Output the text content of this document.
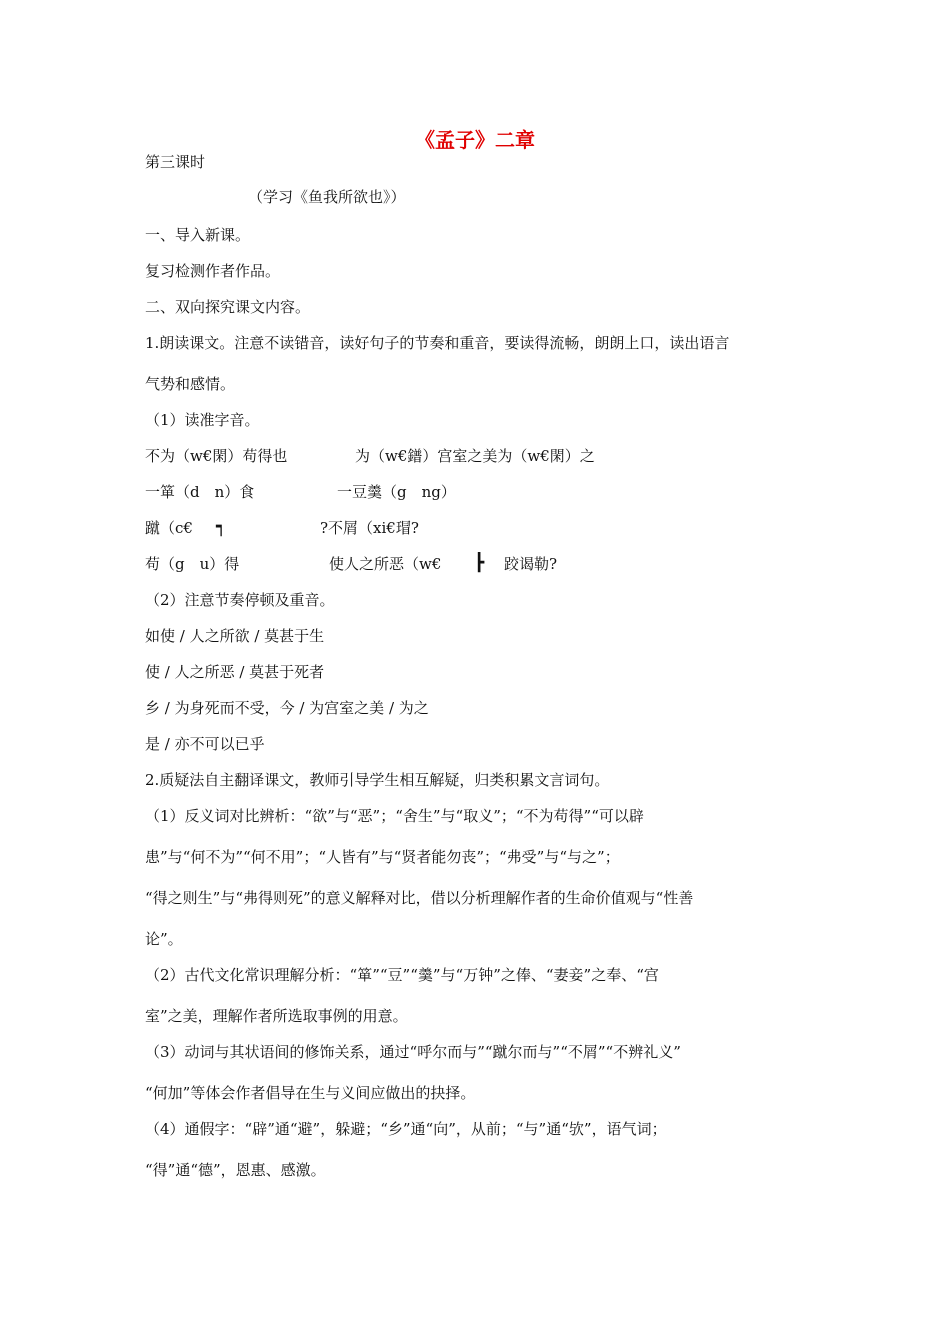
《孟子》二章
第三课时
（学习《鱼我所欲也》）
一、导入新课。
复习检测作者作品。
二、双向探究课文内容。
1.朗读课文。注意不读错音，读好句子的节奏和重音，要读得流畅，朗朗上口，读出语言
气势和感情。
（1）读准字音。
不为（w€閑）苟得也	为（w€鐠）宫室之美为（w€閑）之
一箪（d　n）食	一豆羹（g　ng）
蹴（c€ ┑	?不屑（xi€瑁?
苟（g　u）得	使人之所恶（w€ ┣ 跤谒勒?
（2）注意节奏停顿及重音。
如使 / 人之所欲 / 莫甚于生
使 / 人之所恶 / 莫甚于死者
乡 / 为身死而不受，今 / 为宫室之美 / 为之
是 / 亦不可以已乎
2.质疑法自主翻译课文，教师引导学生相互解疑，归类积累文言词句。
（1）反义词对比辨析：“欲”与“恶”；“舍生”与“取义”；“不为苟得”“可以辟
患”与“何不为”“何不用”；“人皆有”与“贤者能勿丧”；“弗受”与“与之”；
“得之则生”与“弗得则死”的意义解释对比，借以分析理解作者的生命价值观与“性善
论”。
（2）古代文化常识理解分析：“箪”“豆”“羹”与“万钟”之俸、“妻妾”之奉、“宫
室”之美，理解作者所选取事例的用意。
（3）动词与其状语间的修饰关系，通过“呼尔而与”“蹴尔而与”“不屑”“不辨礼义”
“何加”等体会作者倡导在生与义间应做出的抉择。
（4）通假字：“辟”通“避”，躲避；“乡”通“向”，从前；“与”通“欤”，语气词；
“得”通“德”，恩惠、感激。
